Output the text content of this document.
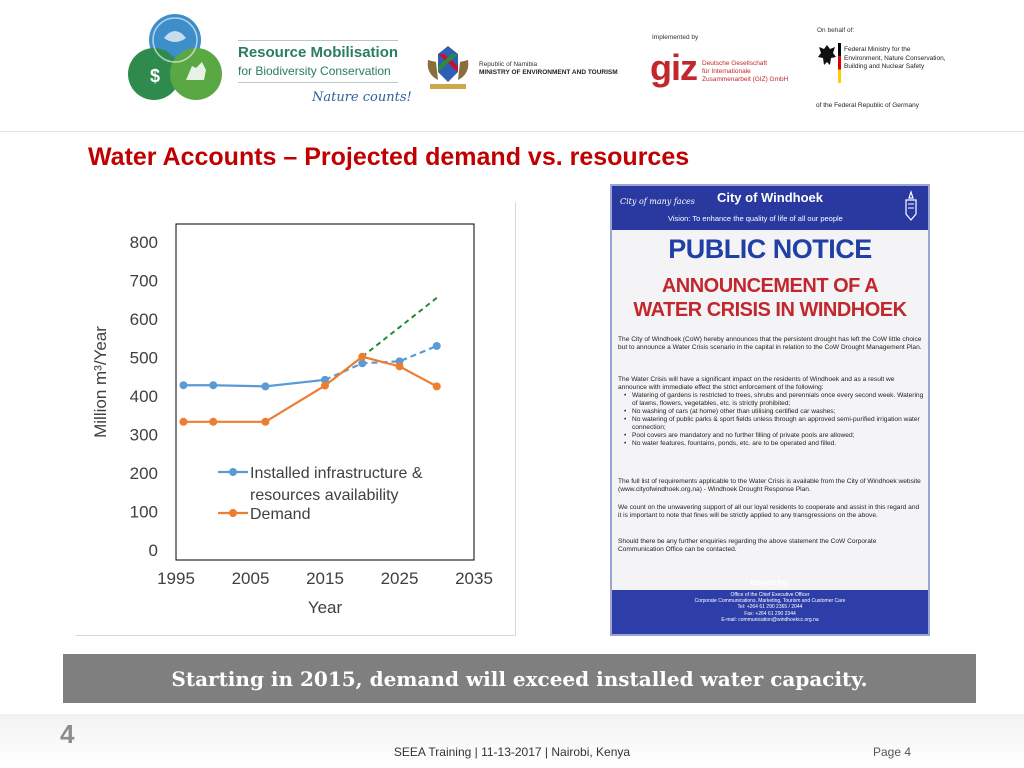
$
Resource Mobilisation
for Biodiversity Conservation
Nature counts!
Republic of Namibia
MINISTRY OF ENVIRONMENT AND TOURISM
Implemented by
giz Deutsche Gesellschaft
für Internationale
Zusammenarbeit (GIZ) GmbH
On behalf of:
Federal Ministry for the
Environment, Nature Conservation,
Building and Nuclear Safety
of the Federal Republic of Germany
Water Accounts – Projected demand vs. resources
0
100
200
300
400
500
600
700
800
1995 2005 2015 2025 2035
Year
Million m³/Year
Installed infrastructure & resources availability
Demand
City of many faces	City of Windhoek
Vision: To enhance the quality of life of all our people
PUBLIC NOTICE
ANNOUNCEMENT OF A
WATER CRISIS IN WINDHOEK
The City of Windhoek (CoW) hereby announces that the persistent drought has left the CoW little choice but to announce a Water Crisis scenario in the capital in relation to the CoW Drought Management Plan.
The Water Crisis will have a significant impact on the residents of Windhoek and as a result we announce with immediate effect the strict enforcement of the following:
• Watering of gardens is restricted to trees, shrubs and perennials once every second week. Watering of lawns, flowers, vegetables, etc. is strictly prohibited;
• No washing of cars (at home) other than utilising certified car washes;
• No watering of public parks & sport fields unless through an approved semi-purified irrigation water connection;
• Pool covers are mandatory and no further filling of private pools are allowed;
• No water features, fountains, ponds, etc. are to be operated and filled.
The full list of requirements applicable to the Water Crisis is available from the City of Windhoek website (www.cityofwindhoek.org.na) - Windhoek Drought Response Plan.
We count on the unwavering support of all our loyal residents to cooperate and assist in this regard and it is important to note that fines will be strictly applied to any transgressions on the above.
Should there be any further enquiries regarding the above statement the CoW Corporate Communication Office can be contacted.
Issued by:
Office of the Chief Executive Officer
Corporate Communications, Marketing, Tourism and Customer Care
Tel: +264 61 290 2365 / 2044
Fax: +264 61 290 2344
E-mail: communication@windhoekcc.org.na
Starting in 2015, demand will exceed installed water capacity.
4
SEEA Training | 11-13-2017 | Nairobi, Kenya	Page 4
